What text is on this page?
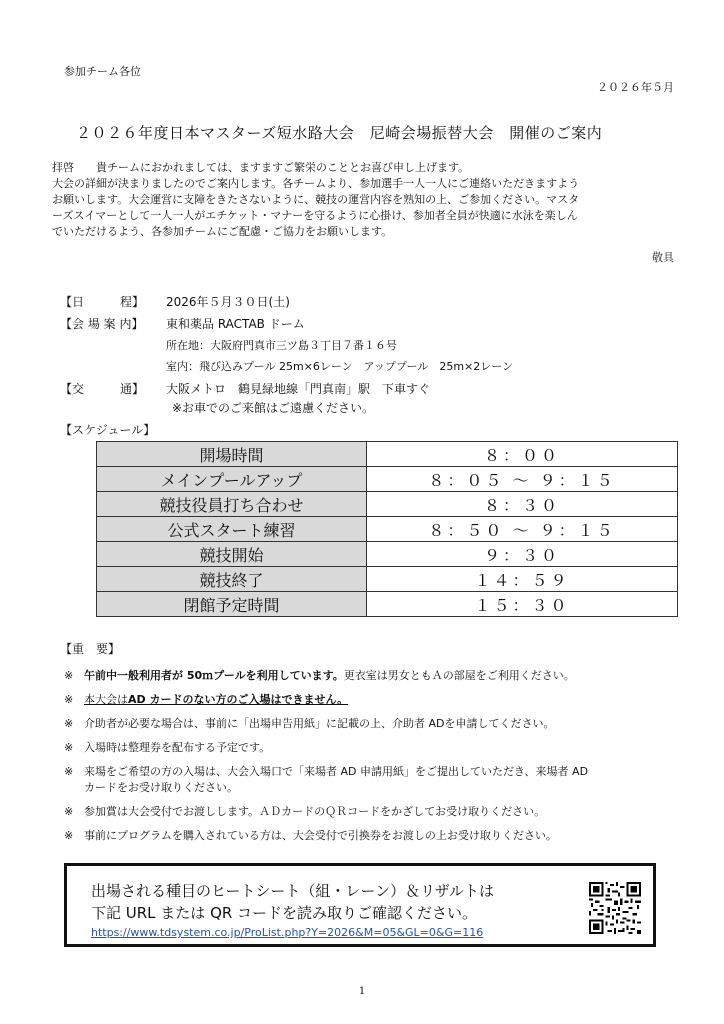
参加チーム各位
２０２６年５月
２０２６年度日本マスターズ短水路大会　尼崎会場振替大会　開催のご案内

拝啓　　貴チームにおかれましては、ますますご繁栄のこととお喜び申し上げます。

大会の詳細が決まりましたのでご案内します。各チームより、参加選手一人一人にご連絡いただきますよう

お願いします。大会運営に支障をきたさないように、競技の運営内容を熟知の上、ご参加ください。マスタ

ーズスイマーとして一人一人がエチケット・マナーを守るように心掛け、参加者全員が快適に水泳を楽しん

でいただけるよう、各参加チームにご配慮・ご協力をお願いします。

敬具
【日　　　程】 2026年５月３０日(土)
【会 場 案 内】 東和薬品 RACTAB ドーム
所在地：大阪府門真市三ツ島３丁目７番１６号
室内：飛び込みプール 25m×6レーン　アッププール　25m×2レーン
【交　　　通】 大阪メトロ　鶴見緑地線「門真南」駅　下車すぐ
※お車でのご来館はご遠慮ください。
【スケジュール】
開場時間	８：００
メインプールアップ	８：０５ ～ ９：１５
競技役員打ち合わせ	８：３０
公式スタート練習	８：５０ ～ ９：１５
競技開始	９：３０
競技終了	１４：５９
閉館予定時間	１５：３０
【重　要】
※ 午前中一般利用者が 50ｍプールを利用しています。更衣室は男女ともＡの部屋をご利用ください。
※ 本大会はAD カードのない方のご入場はできません。
※ 介助者が必要な場合は、事前に「出場申告用紙」に記載の上、介助者 ADを申請してください。
※ 入場時は整理券を配布する予定です。
※ 来場をご希望の方の入場は、大会入場口で「来場者 AD 申請用紙」をご提出していただき、来場者 AD
カードをお受け取りください。
※ 参加賞は大会受付でお渡しします。ＡＤカードのＱＲコードをかざしてお受け取りください。
※ 事前にプログラムを購入されている方は、大会受付で引換券をお渡しの上お受け取りください。
出場される種目のヒートシート（組・レーン）＆リザルトは
下記 URL または QR コードを読み取りご確認ください。
https://www.tdsystem.co.jp/ProList.php?Y=2026&M=05&GL=0&G=116
1
